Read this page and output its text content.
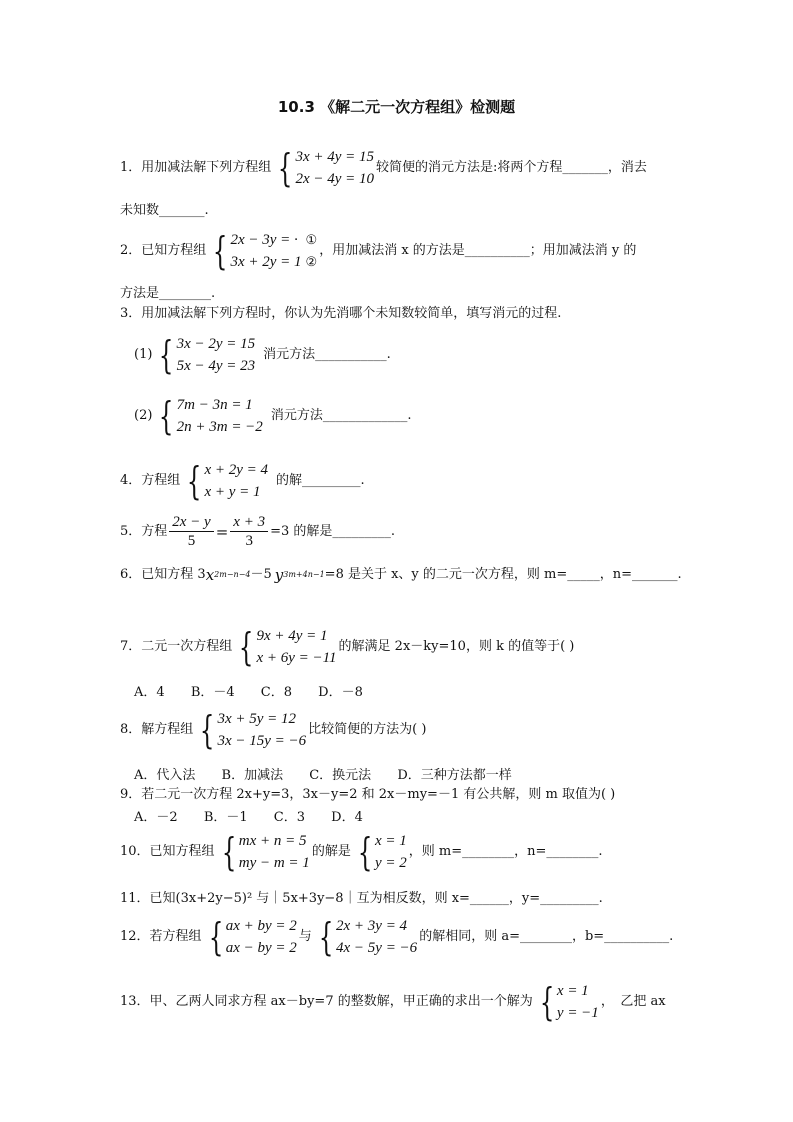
10.3 《解二元一次方程组》检测题
1．用加减法解下列方程组 { 3x + 4y = 15
2x − 4y = 10
较简便的消元方法是:将两个方程_______，消去
未知数_______.
2．已知方程组 { 2x − 3y = ·
3x + 2y = 1
①
②
，用加减法消 x 的方法是__________；用加减法消 y 的
方法是________.
3．用加减法解下列方程时，你认为先消哪个未知数较简单，填写消元的过程.
(1) { 3x − 2y = 15
5x − 4y = 23
消元方法___________.
(2) { 7m − 3n = 1
2n + 3m = −2
消元方法_____________.
4．方程组 { x + 2y = 4
x + y = 1
的解_________.
5．方程 $\frac{2x - y}{5} = \frac{x + 3}{3} =3$ 的解是_________.
6．已知方程 3 x 2m−n−4 －5 y 3m+4n−1 =8 是关于 x、y 的二元一次方程，则 m=_____，n=_______.
7．二元一次方程组 { 9x + 4y = 1
x + 6y = −11
的解满足 2x－ky=10，则 k 的值等于( )
A．4 B．－4 C．8 D．－8
8．解方程组 { 3x + 5y = 12
3x − 15y = −6
比较简便的方法为( )
A．代入法 B．加减法 C．换元法 D．三种方法都一样
9．若二元一次方程 2x+y=3，3x－y=2 和 2x－my=－1 有公共解，则 m 取值为( )
A．－2 B．－1 C．3 D．4
10．已知方程组 { mx + n = 5
my − m = 1
的解是 { x = 1
y = 2
，则 m=________，n=________.
11．已知(3x+2y−5)² 与｜5x+3y−8｜互为相反数，则 x=______，y=_________.
12．若方程组 { ax + by = 2
ax − by = 2
与 { 2x + 3y = 4
4x − 5y = −6
的解相同，则 a=________，b=__________.
13．甲、乙两人同求方程 ax－by=7 的整数解，甲正确的求出一个解为 { x = 1
y = −1
，　乙把 ax
